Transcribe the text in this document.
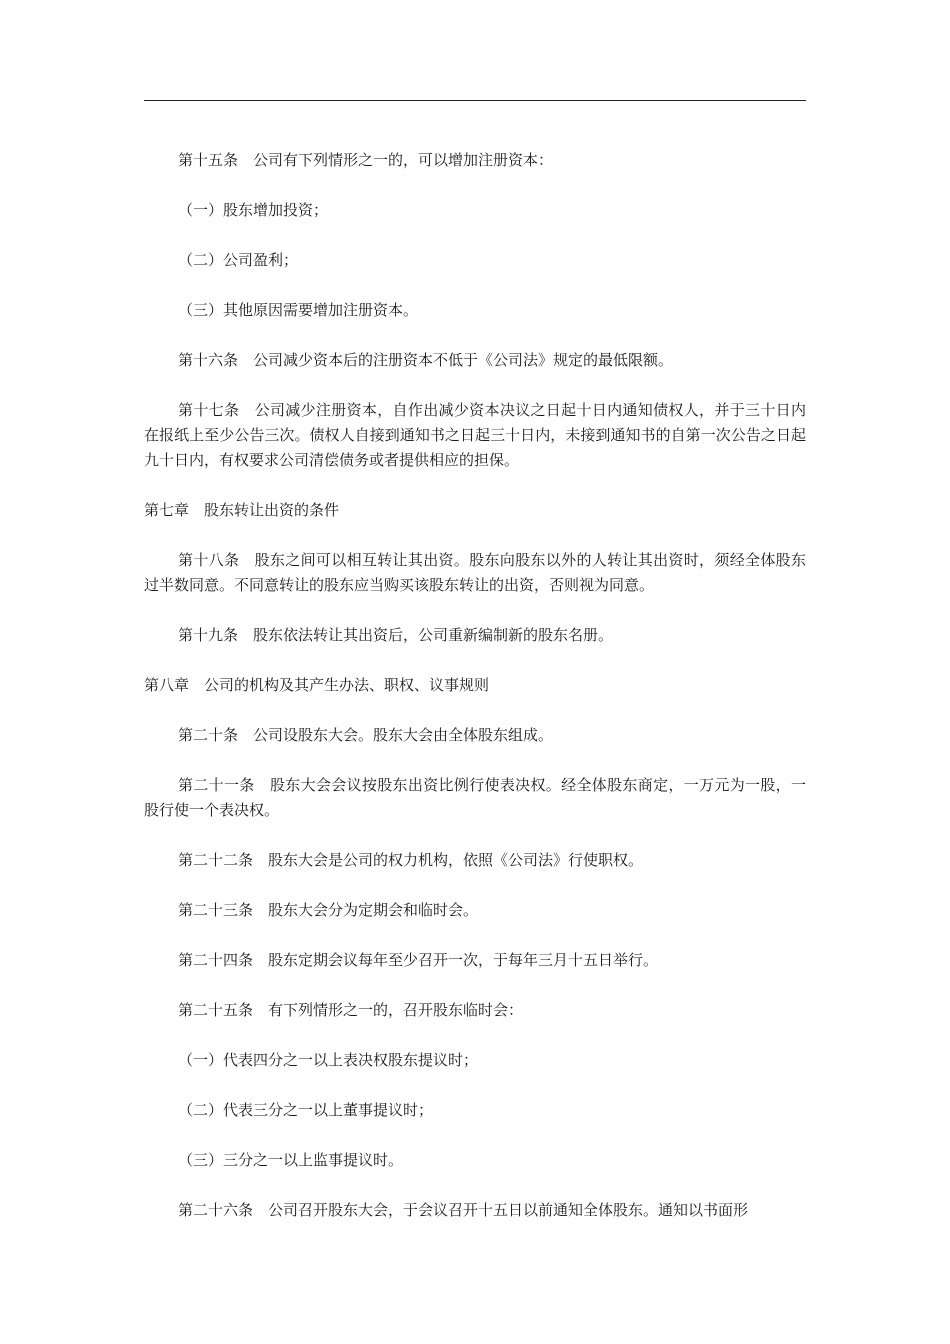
第十五条　公司有下列情形之一的，可以增加注册资本：

（一）股东增加投资；

（二）公司盈利；

（三）其他原因需要增加注册资本。

第十六条　公司减少资本后的注册资本不低于《公司法》规定的最低限额。

第十七条　公司减少注册资本，自作出减少资本决议之日起十日内通知债权人，并于三十日内在报纸上至少公告三次。债权人自接到通知书之日起三十日内，未接到通知书的自第一次公告之日起九十日内，有权要求公司清偿债务或者提供相应的担保。

第七章　股东转让出资的条件

第十八条　股东之间可以相互转让其出资。股东向股东以外的人转让其出资时，须经全体股东过半数同意。不同意转让的股东应当购买该股东转让的出资，否则视为同意。

第十九条　股东依法转让其出资后，公司重新编制新的股东名册。

第八章　公司的机构及其产生办法、职权、议事规则

第二十条　公司设股东大会。股东大会由全体股东组成。

第二十一条　股东大会会议按股东出资比例行使表决权。经全体股东商定，一万元为一股，一股行使一个表决权。

第二十二条　股东大会是公司的权力机构，依照《公司法》行使职权。

第二十三条　股东大会分为定期会和临时会。

第二十四条　股东定期会议每年至少召开一次，于每年三月十五日举行。

第二十五条　有下列情形之一的，召开股东临时会：

（一）代表四分之一以上表决权股东提议时；

（二）代表三分之一以上董事提议时；

（三）三分之一以上监事提议时。

第二十六条　公司召开股东大会，于会议召开十五日以前通知全体股东。通知以书面形
